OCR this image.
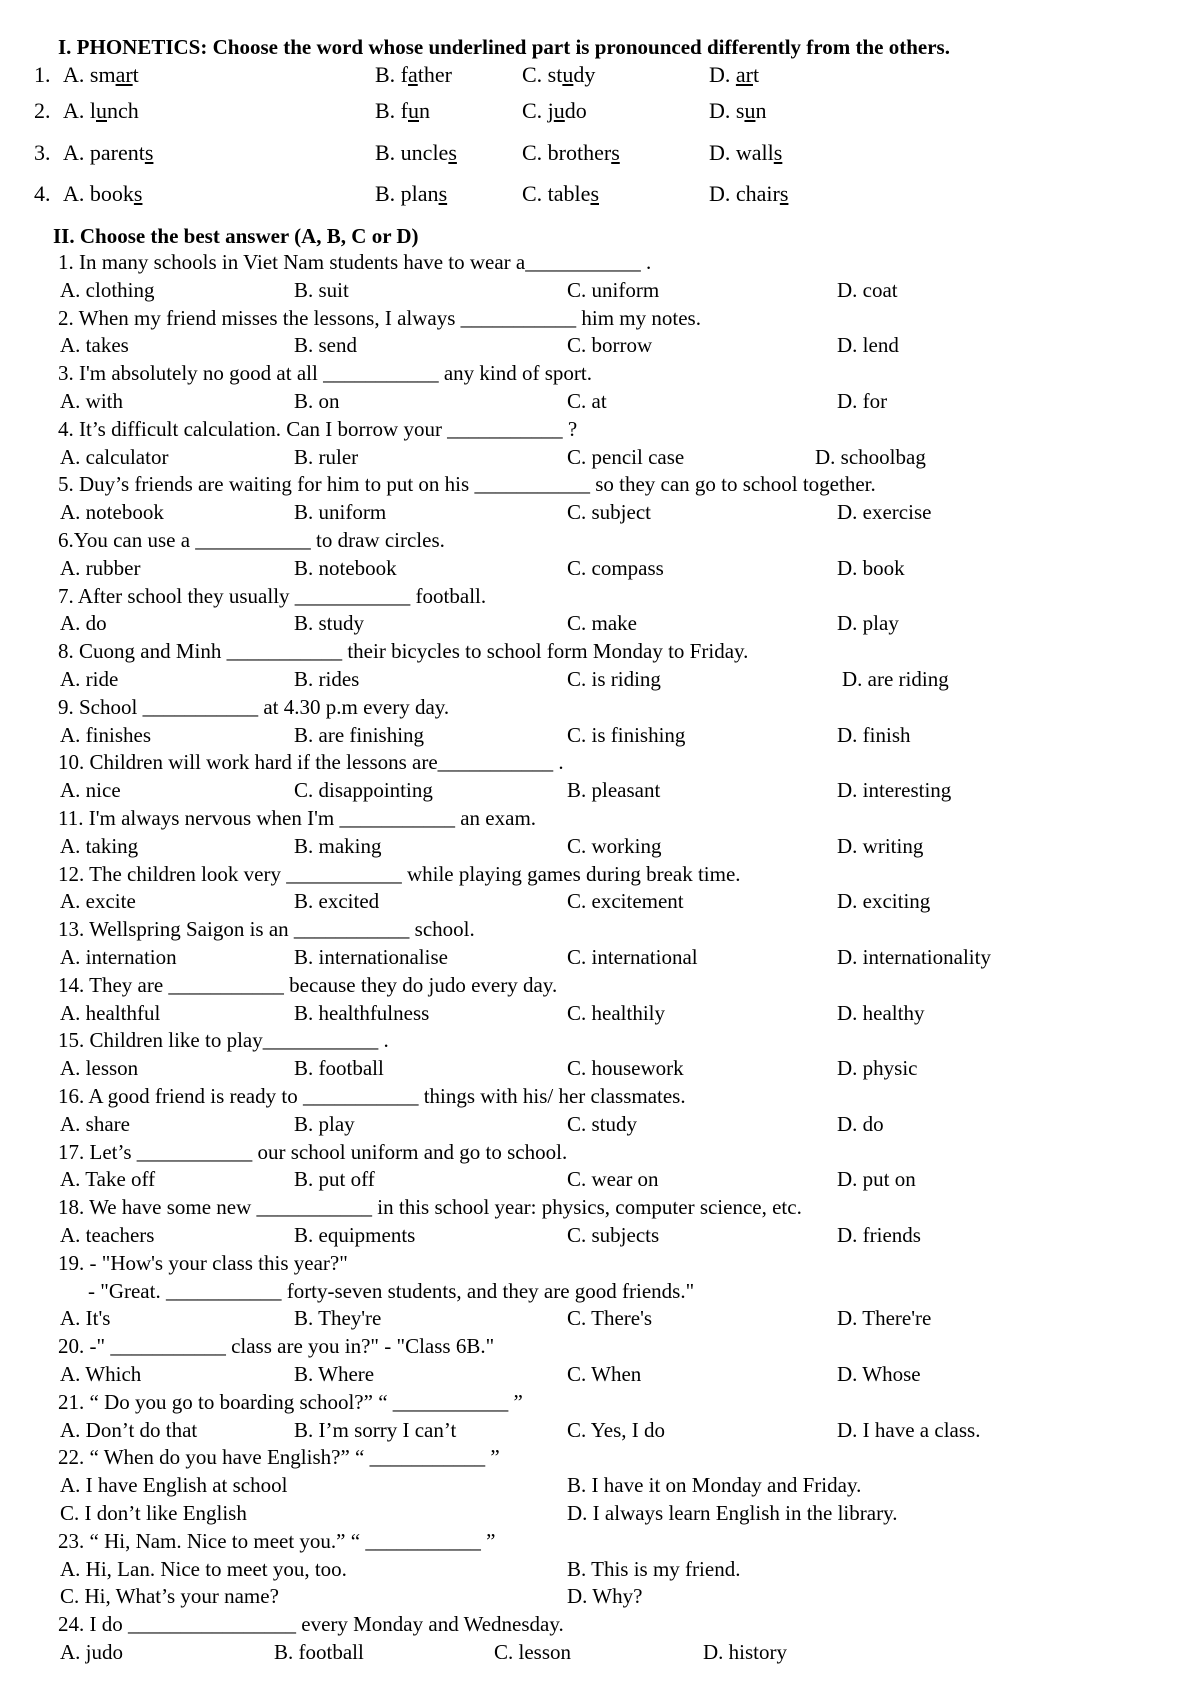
I. PHONETICS: Choose the word whose underlined part is pronounced differently from the others.
1. A. smart	B. father	C. study	D. art
2. A. lunch	B. fun	C. judo	D. sun
3. A. parents	B. uncles	C. brothers	D. walls
4. A. books	B. plans	C. tables	D. chairs
II. Choose the best answer (A, B, C or D)
1. In many schools in Viet Nam students have to wear a___________ .
A. clothing	B. suit	C. uniform	D. coat
2. When my friend misses the lessons, I always ___________ him my notes.
A. takes	B. send	C. borrow	D. lend
3. I'm absolutely no good at all ___________ any kind of sport.
A. with	B. on	C. at	D. for
4. It’s difficult calculation. Can I borrow your ___________ ?
A. calculator	B. ruler	C. pencil case	D. schoolbag
5. Duy’s friends are waiting for him to put on his ___________ so they can go to school together.
A. notebook	B. uniform	C. subject	D. exercise
6.You can use a ___________ to draw circles.
A. rubber	B. notebook	C. compass	D. book
7. After school they usually ___________ football.
A. do	B. study	C. make	D. play
8. Cuong and Minh ___________ their bicycles to school form Monday to Friday.
A. ride	B. rides	C. is riding	D. are riding
9. School ___________ at 4.30 p.m every day.
A. finishes	B. are finishing	C. is finishing	D. finish
10. Children will work hard if the lessons are___________ .
A. nice	C. disappointing	B. pleasant	D. interesting
11. I'm always nervous when I'm ___________ an exam.
A. taking	B. making	C. working	D. writing
12. The children look very ___________ while playing games during break time.
A. excite	B. excited	C. excitement	D. exciting
13. Wellspring Saigon is an ___________ school.
A. internation	B. internationalise	C. international	D. internationality
14. They are ___________ because they do judo every day.
A. healthful	B. healthfulness	C. healthily	D. healthy
15. Children like to play___________ .
A. lesson	B. football	C. housework	D. physic
16. A good friend is ready to ___________ things with his/ her classmates.
A. share	B. play	C. study	D. do
17. Let’s ___________ our school uniform and go to school.
A. Take off	B. put off	C. wear on	D. put on
18. We have some new ___________ in this school year: physics, computer science, etc.
A. teachers	B. equipments	C. subjects	D. friends
19. - "How's your class this year?"
- "Great. ___________ forty-seven students, and they are good friends."
A. It's	B. They're	C. There's	D. There're
20. -" ___________ class are you in?" - "Class 6B."
A. Which	B. Where	C. When	D. Whose
21. “ Do you go to boarding school?” “ ___________ ”
A. Don’t do that	B. I’m sorry I can’t	C. Yes, I do	D. I have a class.
22. “ When do you have English?” “ ___________ ”
A. I have English at school	B. I have it on Monday and Friday.
C. I don’t like English	D. I always learn English in the library.
23. “ Hi, Nam. Nice to meet you.” “ ___________ ”
A. Hi, Lan. Nice to meet you, too.	B. This is my friend.
C. Hi, What’s your name?	D. Why?
24. I do ________________ every Monday and Wednesday.
A. judo	B. football	C. lesson	D. history
